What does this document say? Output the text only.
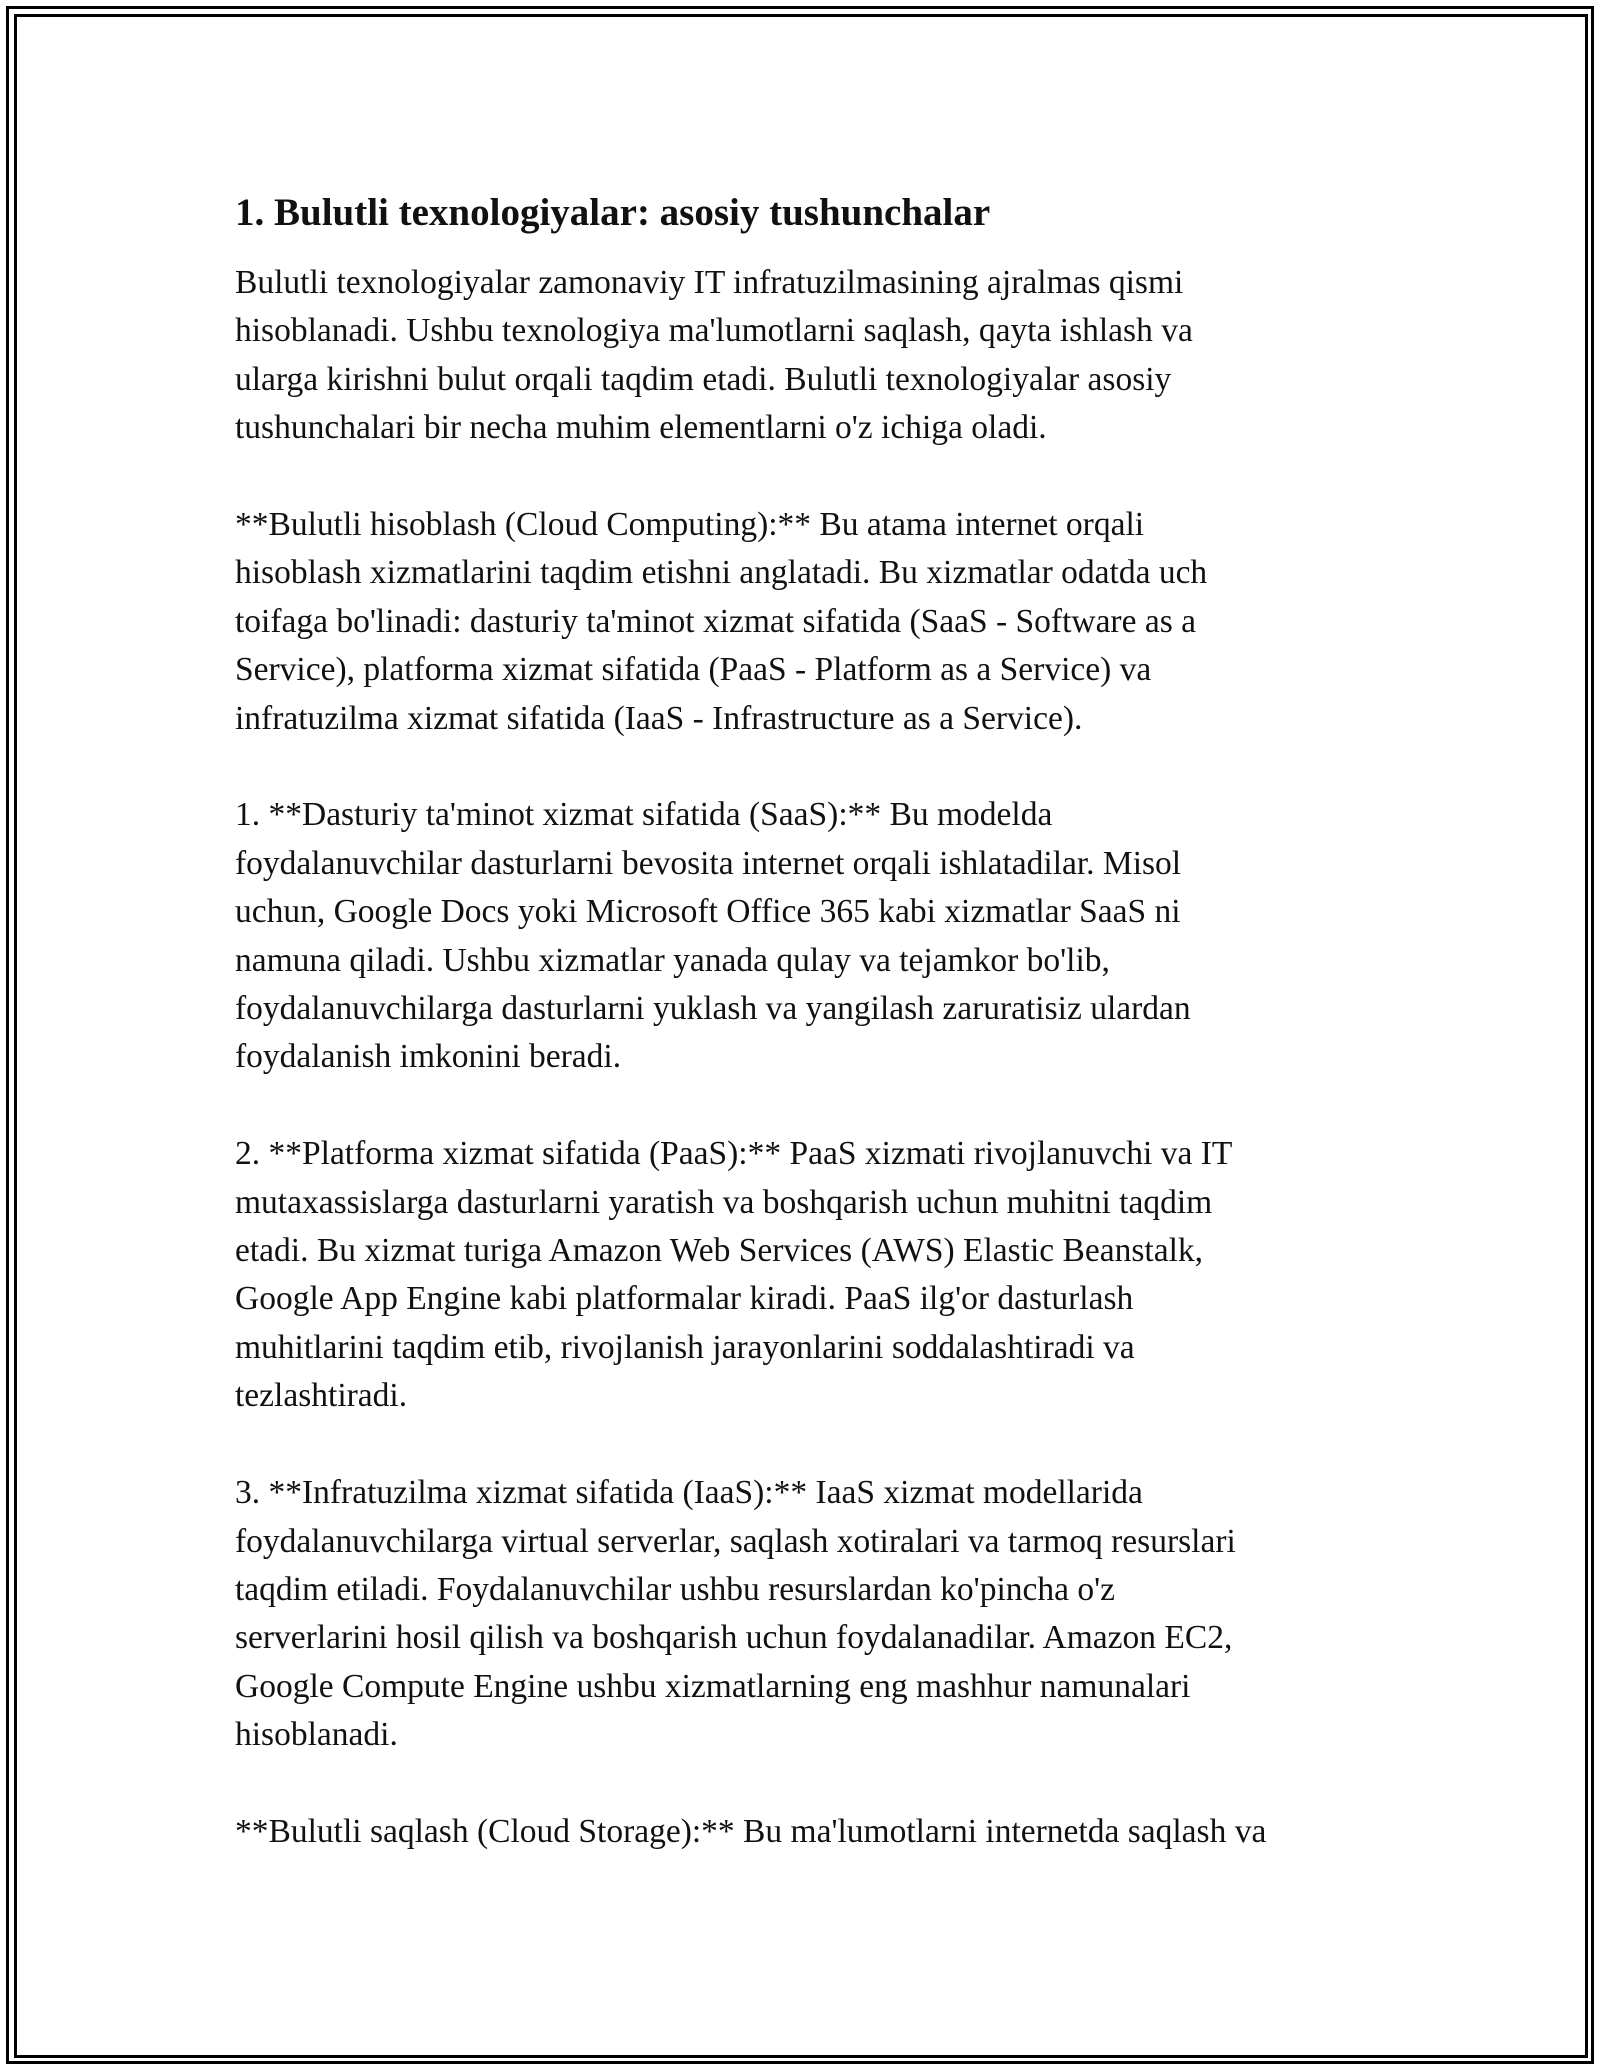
1. Bulutli texnologiyalar: asosiy tushunchalar

Bulutli texnologiyalar zamonaviy IT infratuzilmasining ajralmas qismi
hisoblanadi. Ushbu texnologiya ma'lumotlarni saqlash, qayta ishlash va
ularga kirishni bulut orqali taqdim etadi. Bulutli texnologiyalar asosiy
tushunchalari bir necha muhim elementlarni o'z ichiga oladi.

**Bulutli hisoblash (Cloud Computing):** Bu atama internet orqali
hisoblash xizmatlarini taqdim etishni anglatadi. Bu xizmatlar odatda uch
toifaga bo'linadi: dasturiy ta'minot xizmat sifatida (SaaS - Software as a
Service), platforma xizmat sifatida (PaaS - Platform as a Service) va
infratuzilma xizmat sifatida (IaaS - Infrastructure as a Service).

1. **Dasturiy ta'minot xizmat sifatida (SaaS):** Bu modelda
foydalanuvchilar dasturlarni bevosita internet orqali ishlatadilar. Misol
uchun, Google Docs yoki Microsoft Office 365 kabi xizmatlar SaaS ni
namuna qiladi. Ushbu xizmatlar yanada qulay va tejamkor bo'lib,
foydalanuvchilarga dasturlarni yuklash va yangilash zaruratisiz ulardan
foydalanish imkonini beradi.

2. **Platforma xizmat sifatida (PaaS):** PaaS xizmati rivojlanuvchi va IT
mutaxassislarga dasturlarni yaratish va boshqarish uchun muhitni taqdim
etadi. Bu xizmat turiga Amazon Web Services (AWS) Elastic Beanstalk,
Google App Engine kabi platformalar kiradi. PaaS ilg'or dasturlash
muhitlarini taqdim etib, rivojlanish jarayonlarini soddalashtiradi va
tezlashtiradi.

3. **Infratuzilma xizmat sifatida (IaaS):** IaaS xizmat modellarida
foydalanuvchilarga virtual serverlar, saqlash xotiralari va tarmoq resurslari
taqdim etiladi. Foydalanuvchilar ushbu resurslardan ko'pincha o'z
serverlarini hosil qilish va boshqarish uchun foydalanadilar. Amazon EC2,
Google Compute Engine ushbu xizmatlarning eng mashhur namunalari
hisoblanadi.

**Bulutli saqlash (Cloud Storage):** Bu ma'lumotlarni internetda saqlash va
